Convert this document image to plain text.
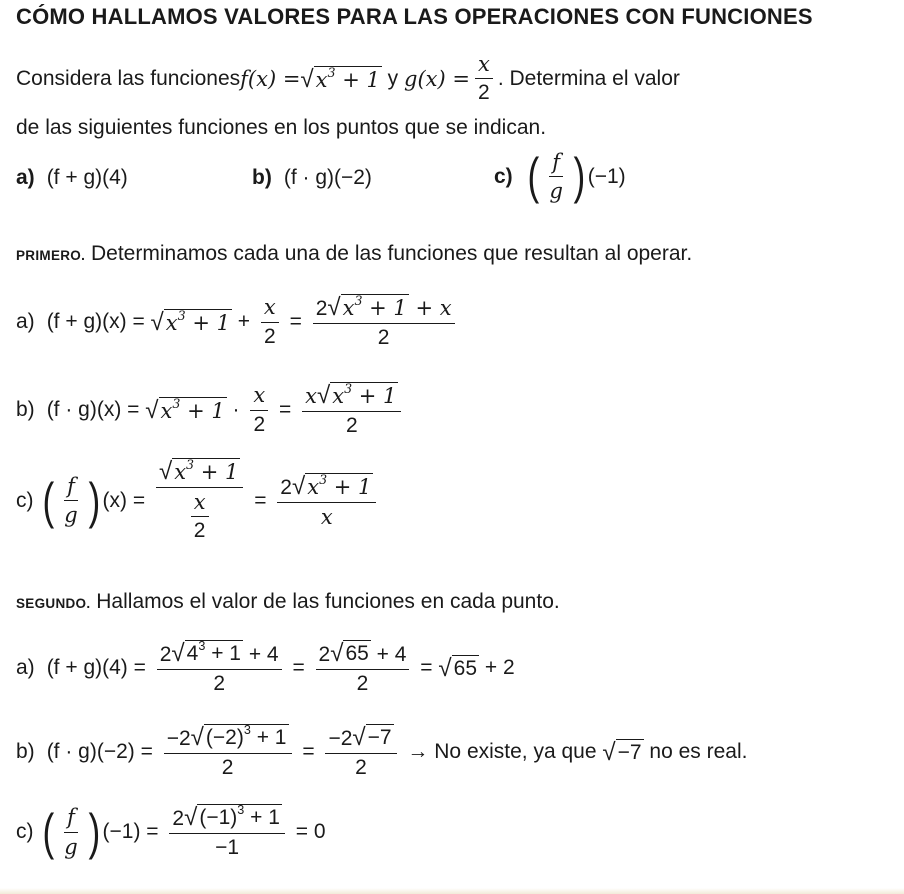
CÓMO HALLAMOS VALORES PARA LAS OPERACIONES CON FUNCIONES
Considera las funciones f(x) = √ $x^3 + 1$ y $g(x) = \frac{x}{2}$ . Determina el valor
de las siguientes funciones en los puntos que se indican.
a) (f + g)(4)	b) (f · g)(−2)	c) ( $\frac{f}{g}$ ) (−1)
PRIMERO. Determinamos cada una de las funciones que resultan al operar.
a) (f + g)(x) = √ $x^3 + 1 + \frac{x}{2} = \frac{2 √ x^3 + 1 + x}{2}$
b) (f · g)(x) = √ $x^3 + 1 \cdot \frac{x}{2} = \frac{x √ x^3 + 1}{2}$
c) ( $\frac{f}{g}$ ) $(x) = \frac{√ x^3 + 1}{\frac{x}{2}} = \frac{2 √ x^3 + 1}{x}$
SEGUNDO. Hallamos el valor de las funciones en cada punto.
a) $(f + g)(4) = \frac{2 √ 4^3 + 1 + 4}{2} = \frac{2 √ 65 + 4}{2}$ = √ 65 + 2
b) $(f \cdot g)(-2) = \frac{-2 √ (-2)^3 + 1}{2} = \frac{-2 √ -7}{2} \to No$ existe, ya que √ −7 no es real.
c) ( $\frac{f}{g}$ ) $(-1) = \frac{2 √ (-1)^3 + 1}{-1} = 0$
